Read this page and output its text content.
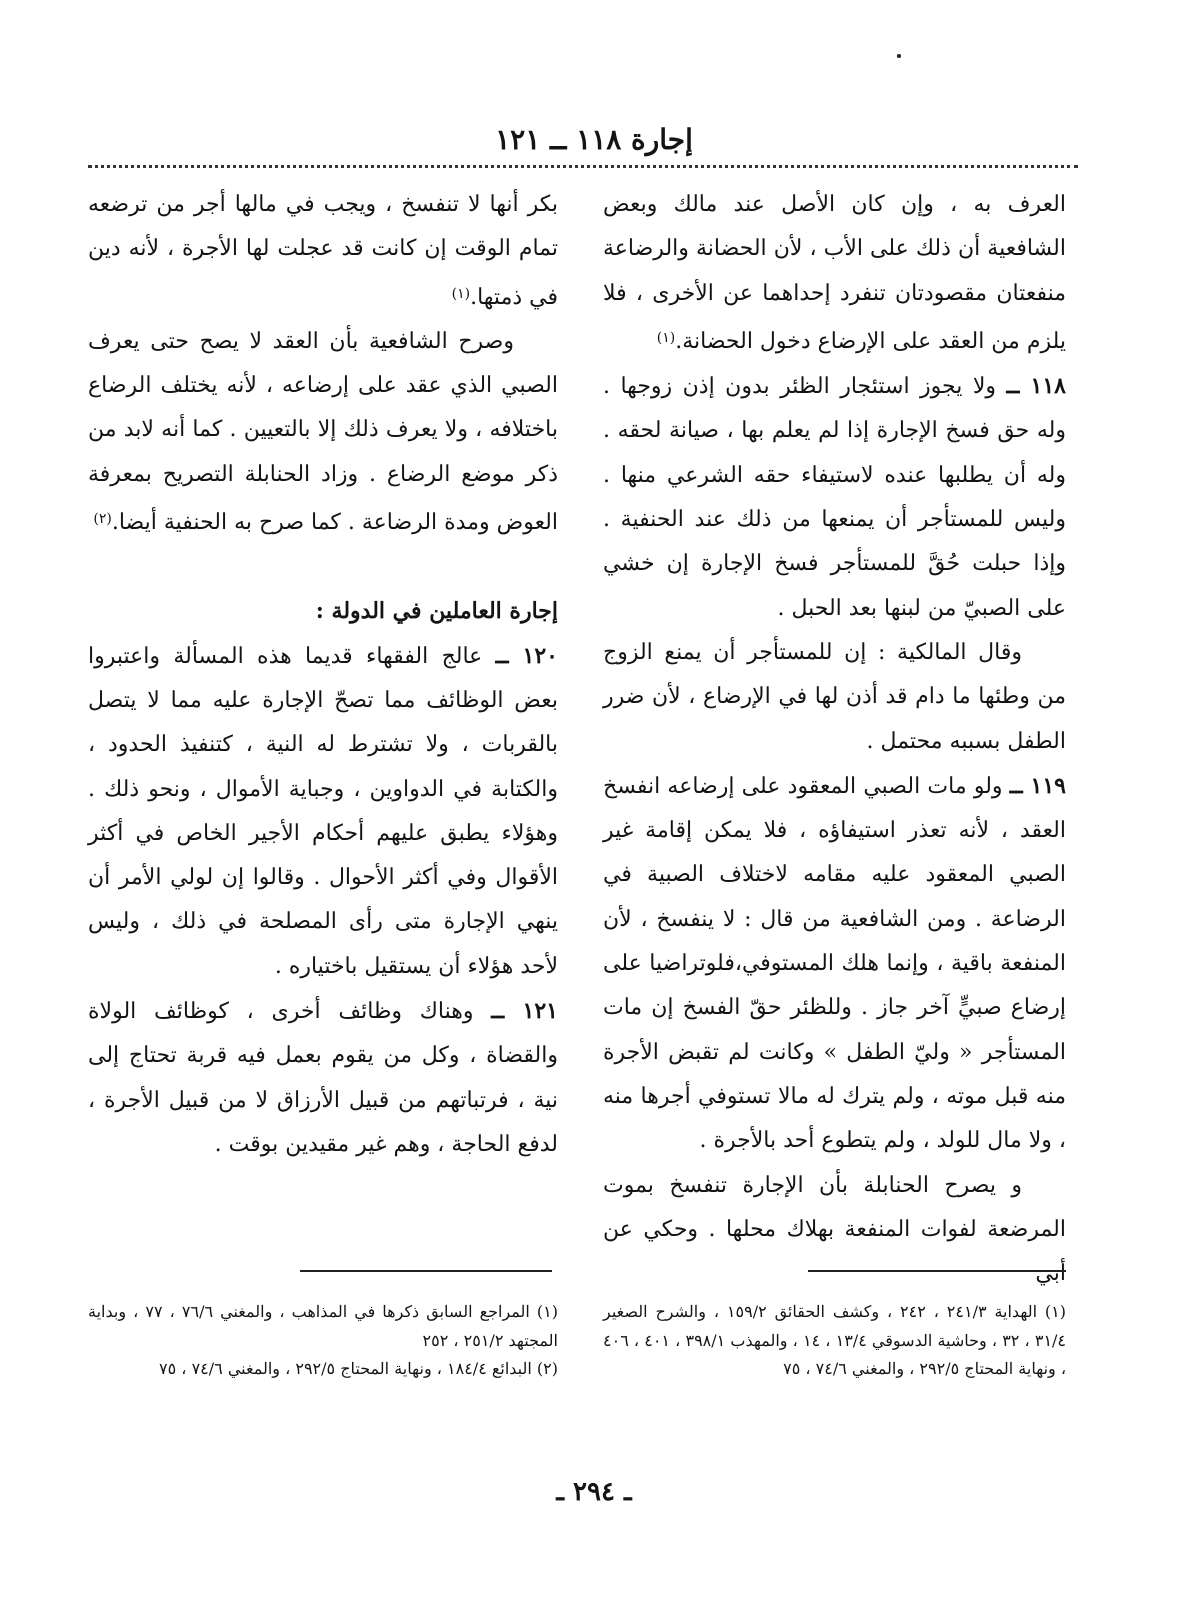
إجارة ١١٨ ــ ١٢١

العرف به ، وإن كان الأصل عند مالك وبعض الشافعية أن ذلك على الأب ، لأن الحضانة والرضاعة منفعتان مقصودتان تنفرد إحداهما عن الأخرى ، فلا يلزم من العقد على الإرضاع دخول الحضانة.$^{(١)}$

١١٨ ــ ولا يجوز استئجار الظئر بدون إذن زوجها . وله حق فسخ الإجارة إذا لم يعلم بها ، صيانة لحقه . وله أن يطلبها عنده لاستيفاء حقه الشرعي منها . وليس للمستأجر أن يمنعها من ذلك عند الحنفية . وإذا حبلت حُقَّ للمستأجر فسخ الإجارة إن خشي على الصبيّ من لبنها بعد الحبل .

وقال المالكية : إن للمستأجر أن يمنع الزوج من وطئها ما دام قد أذن لها في الإرضاع ، لأن ضرر الطفل بسببه محتمل .

١١٩ ــ ولو مات الصبي المعقود على إرضاعه انفسخ العقد ، لأنه تعذر استيفاؤه ، فلا يمكن إقامة غير الصبي المعقود عليه مقامه لاختلاف الصبية في الرضاعة . ومن الشافعية من قال : لا ينفسخ ، لأن المنفعة باقية ، وإنما هلك المستوفي،فلوتراضيا على إرضاع صبيٍّ آخر جاز . وللظئر حقّ الفسخ إن مات المستأجر « وليّ الطفل » وكانت لم تقبض الأجرة منه قبل موته ، ولم يترك له مالا تستوفي أجرها منه ، ولا مال للولد ، ولم يتطوع أحد بالأجرة .

و يصرح الحنابلة بأن الإجارة تنفسخ بموت المرضعة لفوات المنفعة بهلاك محلها . وحكي عن أبي

بكر أنها لا تنفسخ ، ويجب في مالها أجر من ترضعه تمام الوقت إن كانت قد عجلت لها الأجرة ، لأنه دين في ذمتها.$^{(١)}$

وصرح الشافعية بأن العقد لا يصح حتى يعرف الصبي الذي عقد على إرضاعه ، لأنه يختلف الرضاع باختلافه ، ولا يعرف ذلك إلا بالتعيين . كما أنه لابد من ذكر موضع الرضاع . وزاد الحنابلة التصريح بمعرفة العوض ومدة الرضاعة . كما صرح به الحنفية أيضا.$^{(٢)}$

إجارة العاملين في الدولة :

١٢٠ ــ عالج الفقهاء قديما هذه المسألة واعتبروا بعض الوظائف مما تصحّ الإجارة عليه مما لا يتصل بالقربات ، ولا تشترط له النية ، كتنفيذ الحدود ، والكتابة في الدواوين ، وجباية الأموال ، ونحو ذلك . وهؤلاء يطبق عليهم أحكام الأجير الخاص في أكثر الأقوال وفي أكثر الأحوال . وقالوا إن لولي الأمر أن ينهي الإجارة متى رأى المصلحة في ذلك ، وليس لأحد هؤلاء أن يستقيل باختياره .

١٢١ ــ وهناك وظائف أخرى ، كوظائف الولاة والقضاة ، وكل من يقوم بعمل فيه قربة تحتاج إلى نية ، فرتباتهم من قبيل الأرزاق لا من قبيل الأجرة ، لدفع الحاجة ، وهم غير مقيدين بوقت .

(١) الهداية ٢٤١/٣ ، ٢٤٢ ، وكشف الحقائق ١٥٩/٢ ، والشرح الصغير ٣١/٤ ، ٣٢ ، وحاشية الدسوقي ١٣/٤ ، ١٤ ، والمهذب ٣٩٨/١ ، ٤٠١ ، ٤٠٦ ، ونهاية المحتاج ٢٩٢/٥ ، والمغني ٧٤/٦ ، ٧٥

(١) المراجع السابق ذكرها في المذاهب ، والمغني ٧٦/٦ ، ٧٧ ، وبداية المجتهد ٢٥١/٢ ، ٢٥٢

(٢) البدائع ١٨٤/٤ ، ونهاية المحتاج ٢٩٢/٥ ، والمغني ٧٤/٦ ، ٧٥

ـ ٢٩٤ ـ
